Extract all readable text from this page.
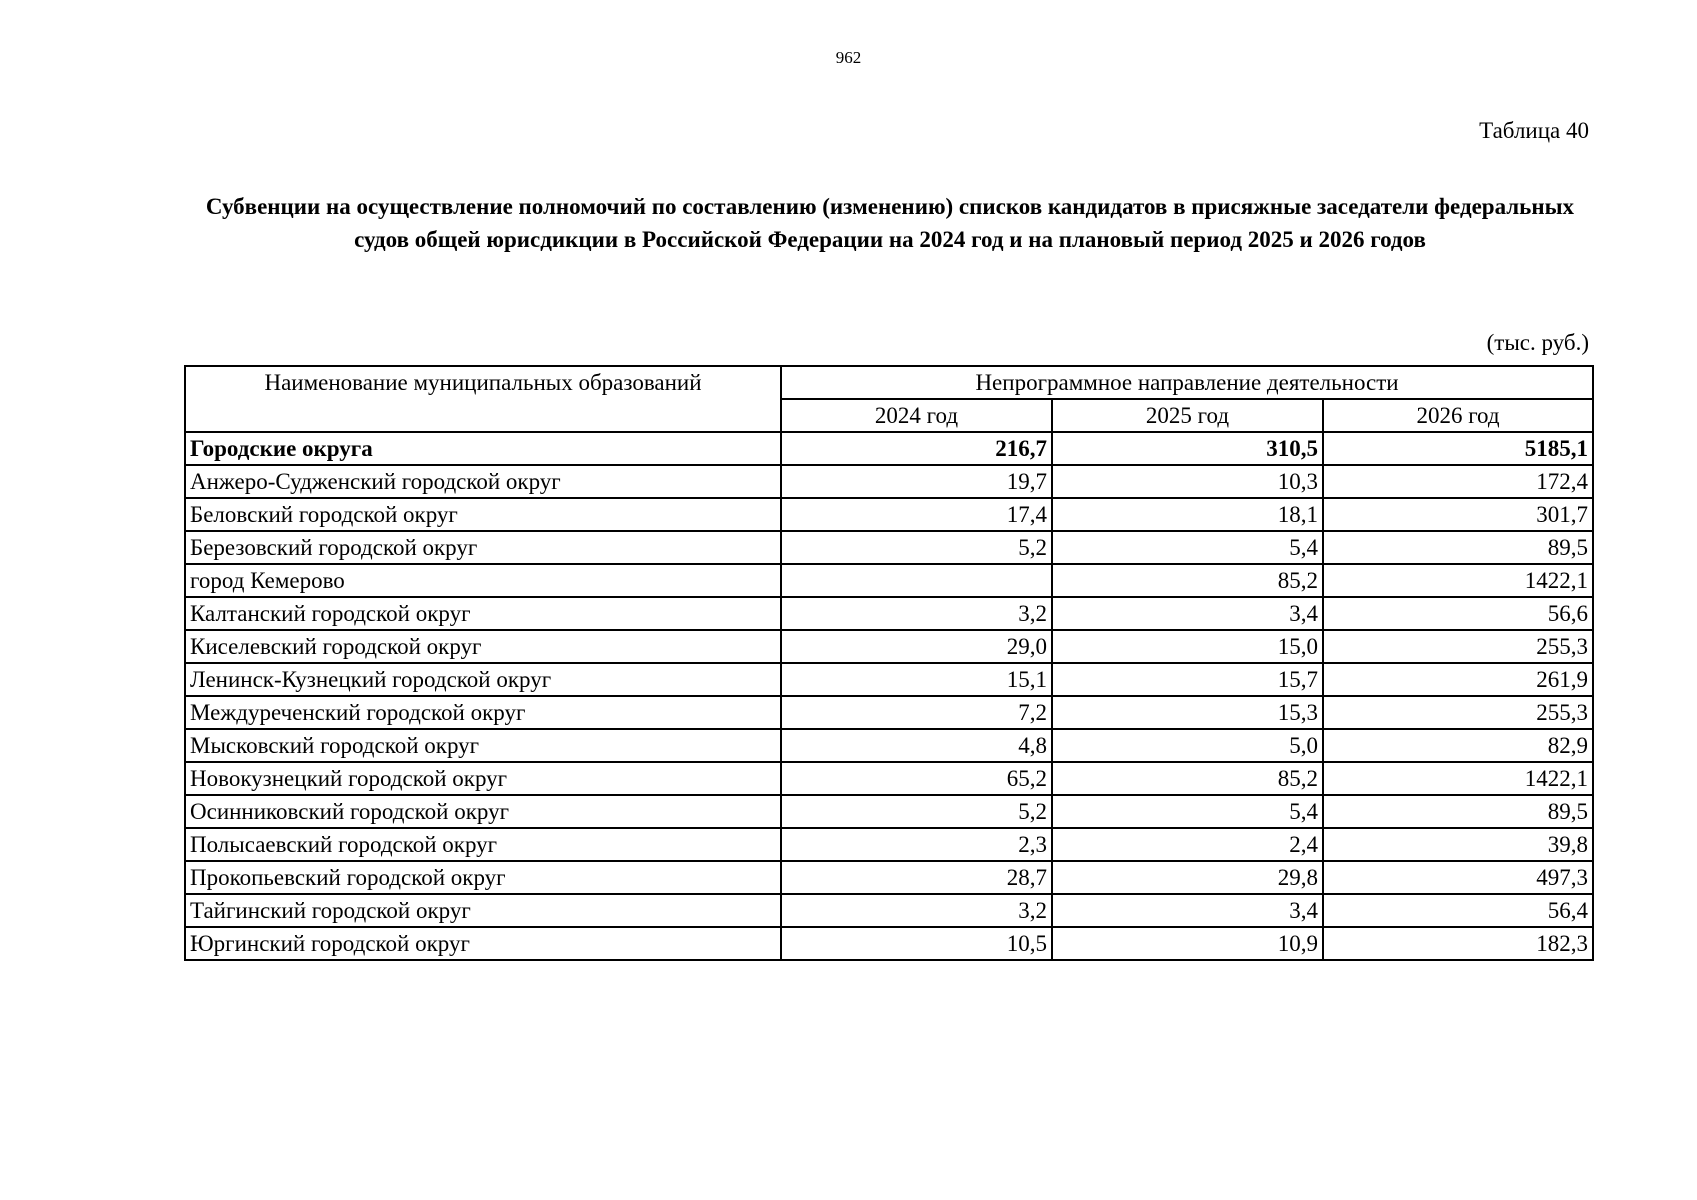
962
Таблица 40
Субвенции на осуществление полномочий по составлению (изменению) списков кандидатов в присяжные заседатели федеральных судов общей юрисдикции в Российской Федерации на 2024 год и на плановый период 2025 и 2026 годов
(тыс. руб.)
Наименование муниципальных образований	Непрограммное направление деятельности		
	2024 год	2025 год	2026 год
Городские округа	216,7	310,5	5185,1
Анжеро-Судженский городской округ	19,7	10,3	172,4
Беловский городской округ	17,4	18,1	301,7
Березовский городской округ	5,2	5,4	89,5
город Кемерово		85,2	1422,1
Калтанский городской округ	3,2	3,4	56,6
Киселевский городской округ	29,0	15,0	255,3
Ленинск-Кузнецкий городской округ	15,1	15,7	261,9
Междуреченский городской округ	7,2	15,3	255,3
Мысковский городской округ	4,8	5,0	82,9
Новокузнецкий городской округ	65,2	85,2	1422,1
Осинниковский городской округ	5,2	5,4	89,5
Полысаевский городской округ	2,3	2,4	39,8
Прокопьевский городской округ	28,7	29,8	497,3
Тайгинский городской округ	3,2	3,4	56,4
Юргинский городской округ	10,5	10,9	182,3
